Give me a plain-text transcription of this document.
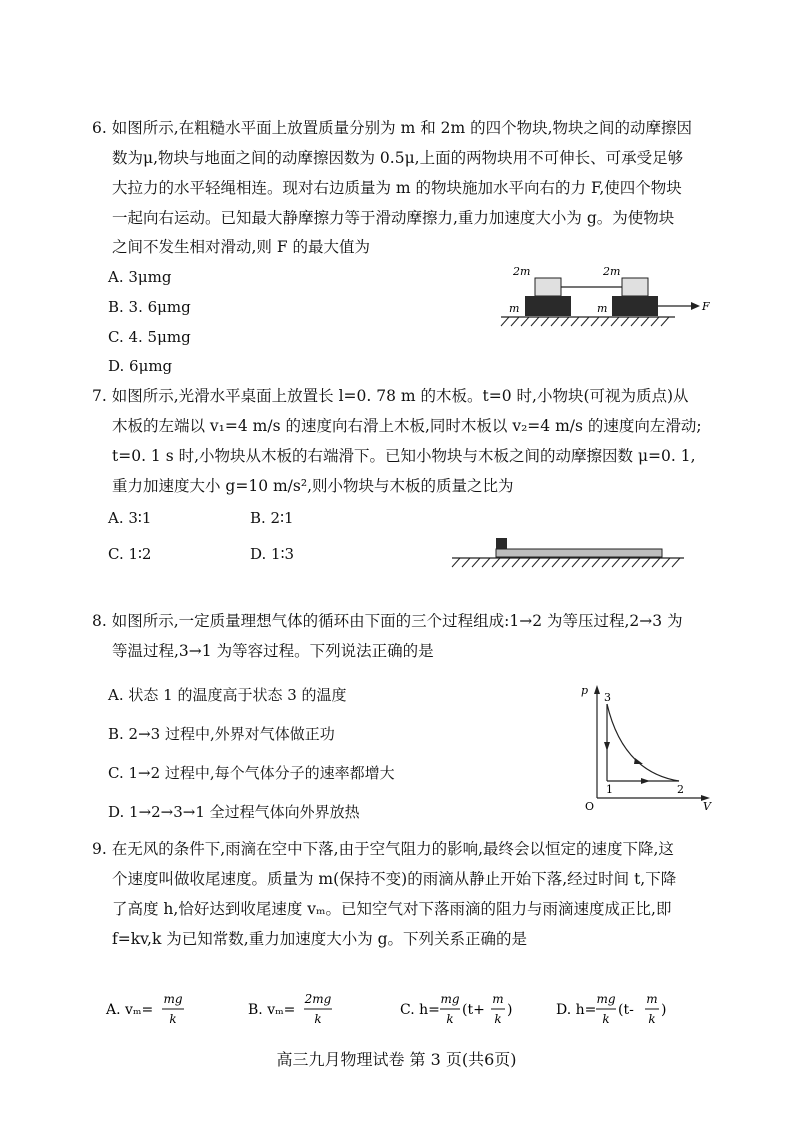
6. 如图所示,在粗糙水平面上放置质量分别为 m 和 2m 的四个物块,物块之间的动摩擦因
数为μ,物块与地面之间的动摩擦因数为 0.5μ,上面的两物块用不可伸长、可承受足够
大拉力的水平轻绳相连。现对右边质量为 m 的物块施加水平向右的力 F,使四个物块
一起向右运动。已知最大静摩擦力等于滑动摩擦力,重力加速度大小为 g。为使物块
之间不发生相对滑动,则 F 的最大值为
A. 3μmg
B. 3. 6μmg
C. 4. 5μmg
D. 6μmg
2m	2m
m	m	F
7. 如图所示,光滑水平桌面上放置长 l=0. 78 m 的木板。t=0 时,小物块(可视为质点)从
木板的左端以 v₁=4 m/s 的速度向右滑上木板,同时木板以 v₂=4 m/s 的速度向左滑动;
t=0. 1 s 时,小物块从木板的右端滑下。已知小物块与木板之间的动摩擦因数 μ=0. 1,
重力加速度大小 g=10 m/s²,则小物块与木板的质量之比为
A. 3∶1	B. 2∶1
C. 1∶2	D. 1∶3
8. 如图所示,一定质量理想气体的循环由下面的三个过程组成:1→2 为等压过程,2→3 为
等温过程,3→1 为等容过程。下列说法正确的是
A. 状态 1 的温度高于状态 3 的温度
B. 2→3 过程中,外界对气体做正功
C. 1→2 过程中,每个气体分子的速率都增大
D. 1→2→3→1 全过程气体向外界放热
p
V
O
3
1	2
9. 在无风的条件下,雨滴在空中下落,由于空气阻力的影响,最终会以恒定的速度下降,这
个速度叫做收尾速度。质量为 m(保持不变)的雨滴从静止开始下落,经过时间 t,下降
了高度 h,恰好达到收尾速度 vₘ。已知空气对下落雨滴的阻力与雨滴速度成正比,即
f=kv,k 为已知常数,重力加速度大小为 g。下列关系正确的是
A. vₘ=
mg
k
B. vₘ=
2mg
k
C. h=
mg
k
(t+
m
k
)	D. h=
mg
k
(t-
m
k
)
高三九月物理试卷 第 3 页(共6页)
